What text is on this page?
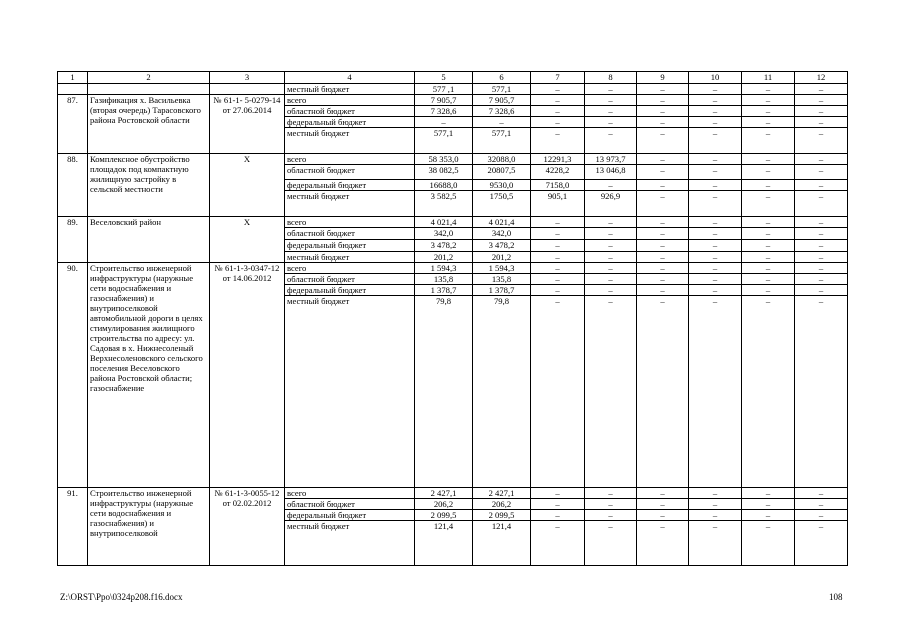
1	2	3	4	5	6	7	8	9	10	11	12
			местный бюджет	577 ,1	577,1	–	–	–	–	–	–
87.	Газификация х. Васильевка (вторая очередь) Тарасовского района Ростовской области	№ 61-1- 5-0279-14 от 27.06.2014	всего	7 905,7	7 905,7	–	–	–	–	–	–
			областной бюджет	7 328,6	7 328,6	–	–	–	–	–	–
			федеральный бюджет	–	–	–	–	–	–	–	–
			местный бюджет	577,1	577,1	–	–	–	–	–	–
88.	Комплексное обустройство площадок под компактную жилищную застройку в сельской местности	Х	всего	58 353,0	32088,0	12291,3	13 973,7	–	–	–	–
			областной бюджет	38 082,5	20807,5	4228,2	13 046,8	–	–	–	–
			федеральный бюджет	16688,0	9530,0	7158,0	–	–	–	–	–
			местный бюджет	3 582,5	1750,5	905,1	926,9	–	–	–	–
89.	Веселовский район	Х	всего	4 021,4	4 021,4	–	–	–	–	–	–
			областной бюджет	342,0	342,0	–	–	–	–	–	–
			федеральный бюджет	3 478,2	3 478,2	–	–	–	–	–	–
			местный бюджет	201,2	201,2	–	–	–	–	–	–
90.	Строительство инженерной инфраструктуры (наружные сети водоснабжения и газоснабжения) и внутрипоселковой автомобильной дороги в целях стимулирования жилищного строительства по адресу: ул. Садовая в х. Нижнесоленый Верхнесоленовского сельского поселения Веселовского района Ростовской области; газоснабжение	№ 61-1-3-0347-12 от 14.06.2012	всего	1 594,3	1 594,3	–	–	–	–	–	–
			областной бюджет	135,8	135,8	–	–	–	–	–	–
			федеральный бюджет	1 378,7	1 378,7	–	–	–	–	–	–
			местный бюджет	79,8	79,8	–	–	–	–	–	–
91.	Строительство инженерной инфраструктуры (наружные сети водоснабжения и газоснабжения) и внутрипоселковой	№ 61-1-3-0055-12 от 02.02.2012	всего	2 427,1	2 427,1	–	–	–	–	–	–
			областной бюджет	206,2	206,2	–	–	–	–	–	–
			федеральный бюджет	2 099,5	2 099,5	–	–	–	–	–	–
			местный бюджет	121,4	121,4	–	–	–	–	–	–
Z:\ORST\Ppo\0324p208.f16.docx	108
